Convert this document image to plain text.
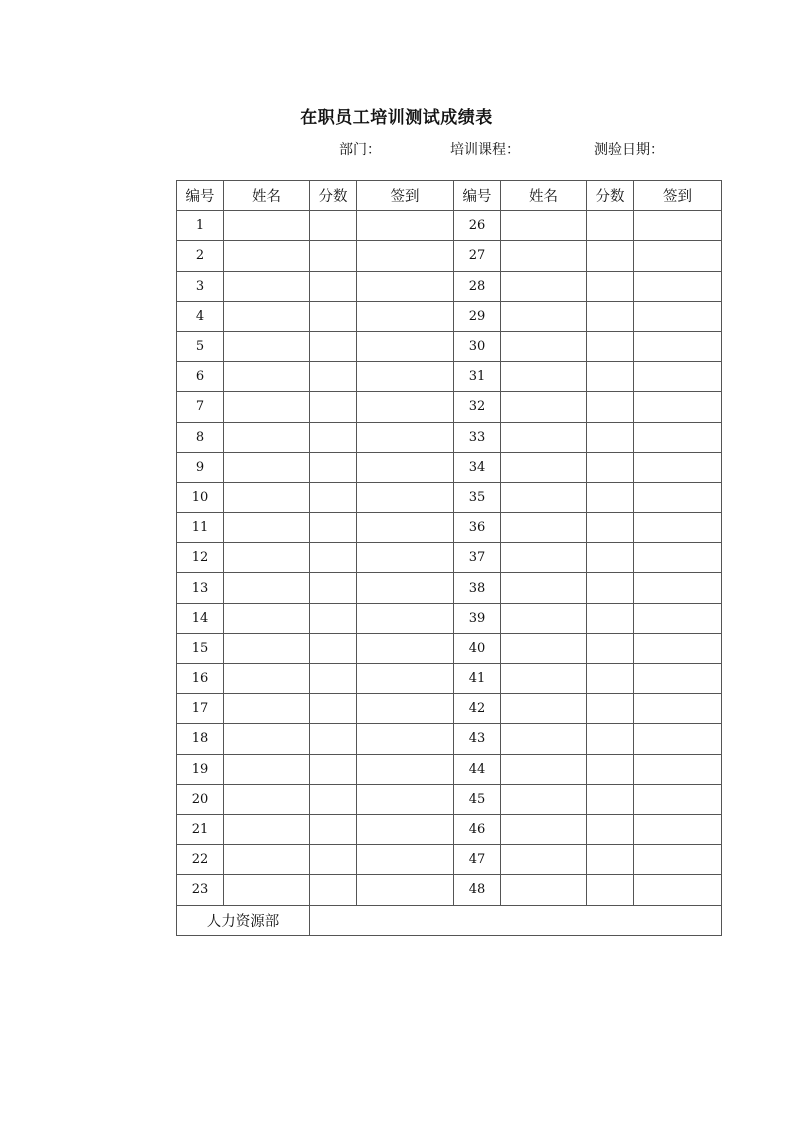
在职员工培训测试成绩表
部门：	培训课程：	测验日期：
编号	姓名	分数	签到	编号	姓名	分数	签到
1				26			
2				27			
3				28			
4				29			
5				30			
6				31			
7				32			
8				33			
9				34			
10				35			
11				36			
12				37			
13				38			
14				39			
15				40			
16				41			
17				42			
18				43			
19				44			
20				45			
21				46			
22				47			
23				48			
人力资源部							
